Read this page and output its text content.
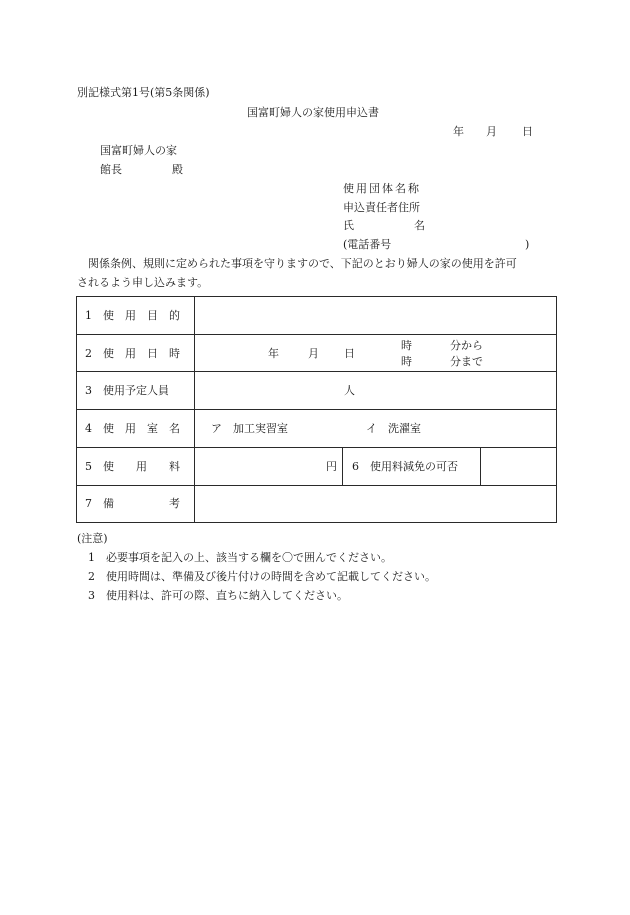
別記様式第1号(第5条関係)
国富町婦人の家使用申込書
年 月 日
国富町婦人の家
館長	殿
使用団体名称
申込責任者住所
氏	名
(電話番号	)
関係条例、規則に定められた事項を守りますので、下記のとおり婦人の家の使用を許可
されるよう申し込みます。
1　使　用　目　的
2　使　用　日　時	年	月 日
時	分から
時	分まで
3　使用予定人員	人
4　使　用　室　名	ア　加工実習室	イ　洗濯室
5　使　　用　　料	円 6　使用料減免の可否
7　備　　　　　考
(注意)
1　必要事項を記入の上、該当する欄を〇で囲んでください。
2　使用時間は、準備及び後片付けの時間を含めて記載してください。
3　使用料は、許可の際、直ちに納入してください。
